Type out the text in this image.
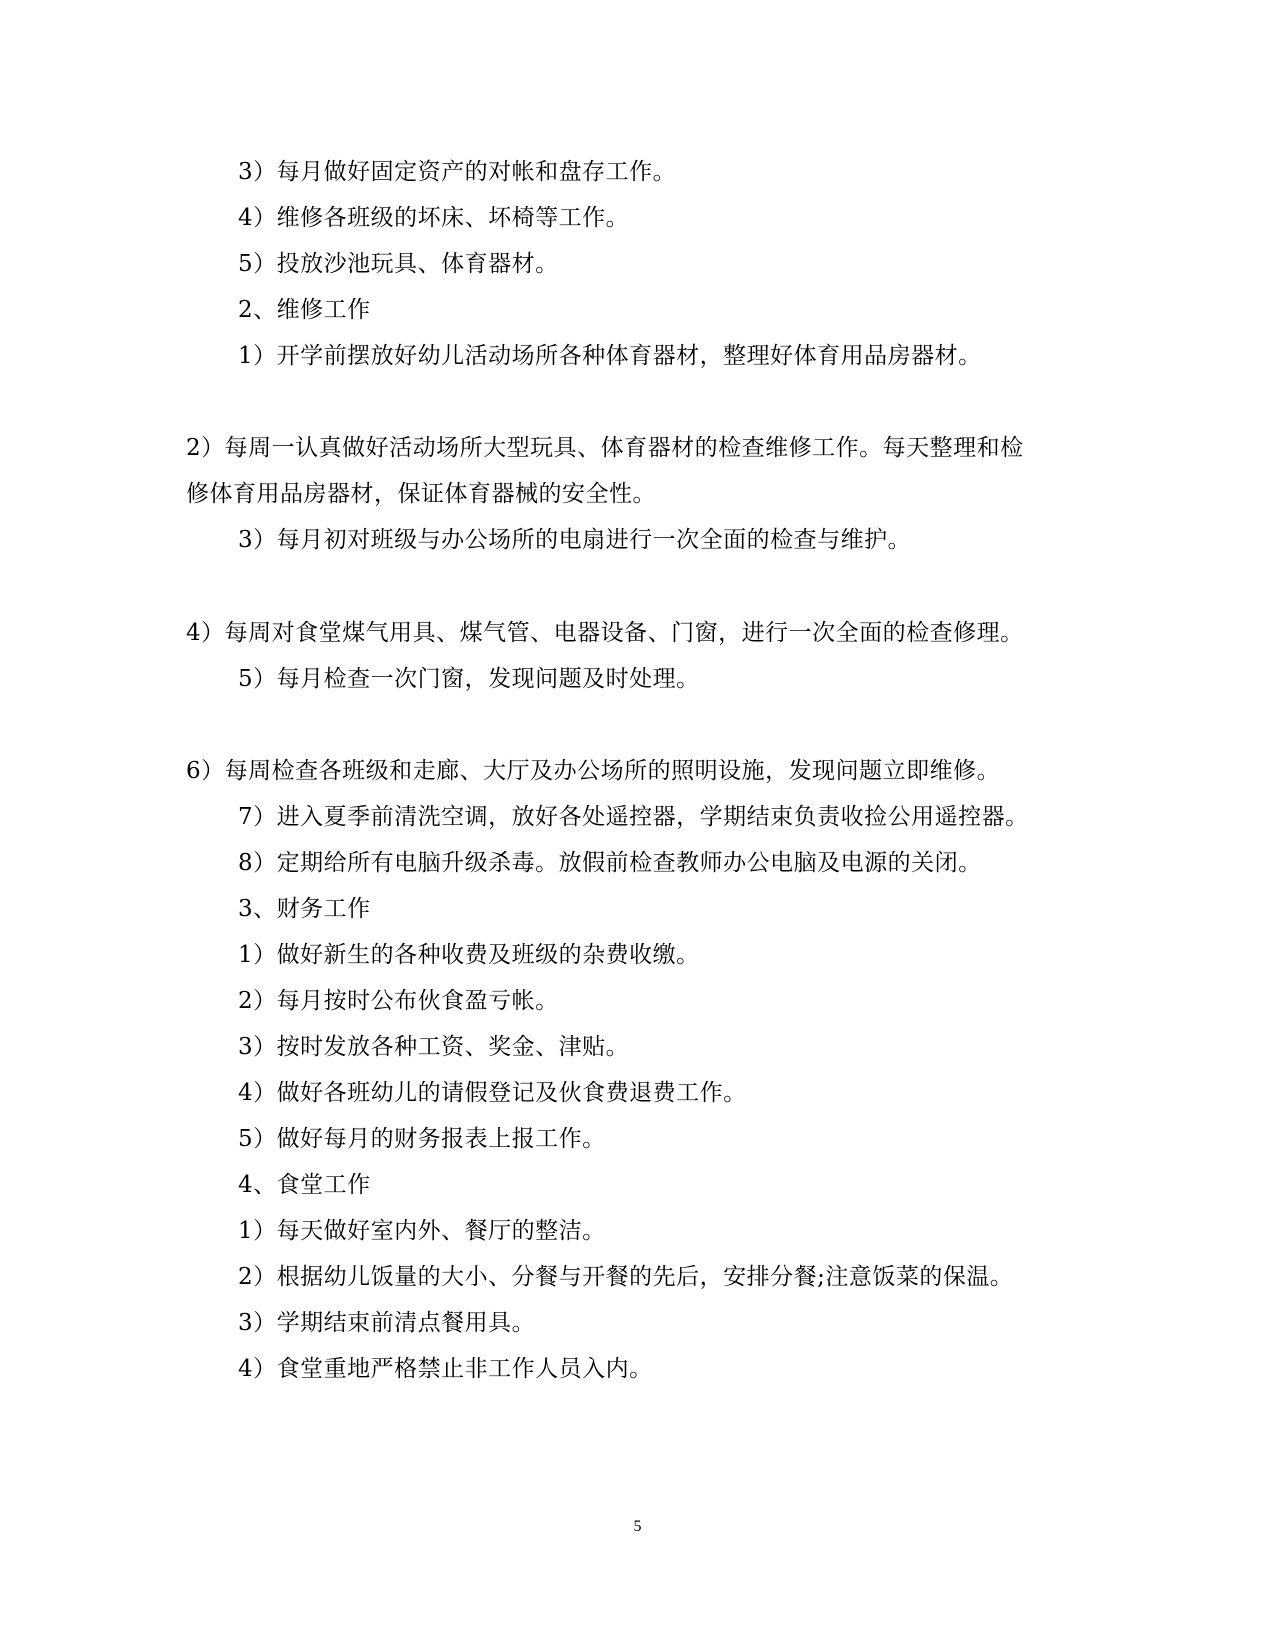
3）每月做好固定资产的对帐和盘存工作。
4）维修各班级的坏床、坏椅等工作。
5）投放沙池玩具、体育器材。
2、维修工作
1）开学前摆放好幼儿活动场所各种体育器材，整理好体育用品房器材。
2）每周一认真做好活动场所大型玩具、体育器材的检查维修工作。每天整理和检
修体育用品房器材，保证体育器械的安全性。
3）每月初对班级与办公场所的电扇进行一次全面的检查与维护。
4）每周对食堂煤气用具、煤气管、电器设备、门窗，进行一次全面的检查修理。
5）每月检查一次门窗，发现问题及时处理。
6）每周检查各班级和走廊、大厅及办公场所的照明设施，发现问题立即维修。
7）进入夏季前清洗空调，放好各处遥控器，学期结束负责收捡公用遥控器。
8）定期给所有电脑升级杀毒。放假前检查教师办公电脑及电源的关闭。
3、财务工作
1）做好新生的各种收费及班级的杂费收缴。
2）每月按时公布伙食盈亏帐。
3）按时发放各种工资、奖金、津贴。
4）做好各班幼儿的请假登记及伙食费退费工作。
5）做好每月的财务报表上报工作。
4、食堂工作
1）每天做好室内外、餐厅的整洁。
2）根据幼儿饭量的大小、分餐与开餐的先后，安排分餐;注意饭菜的保温。
3）学期结束前清点餐用具。
4）食堂重地严格禁止非工作人员入内。
5
